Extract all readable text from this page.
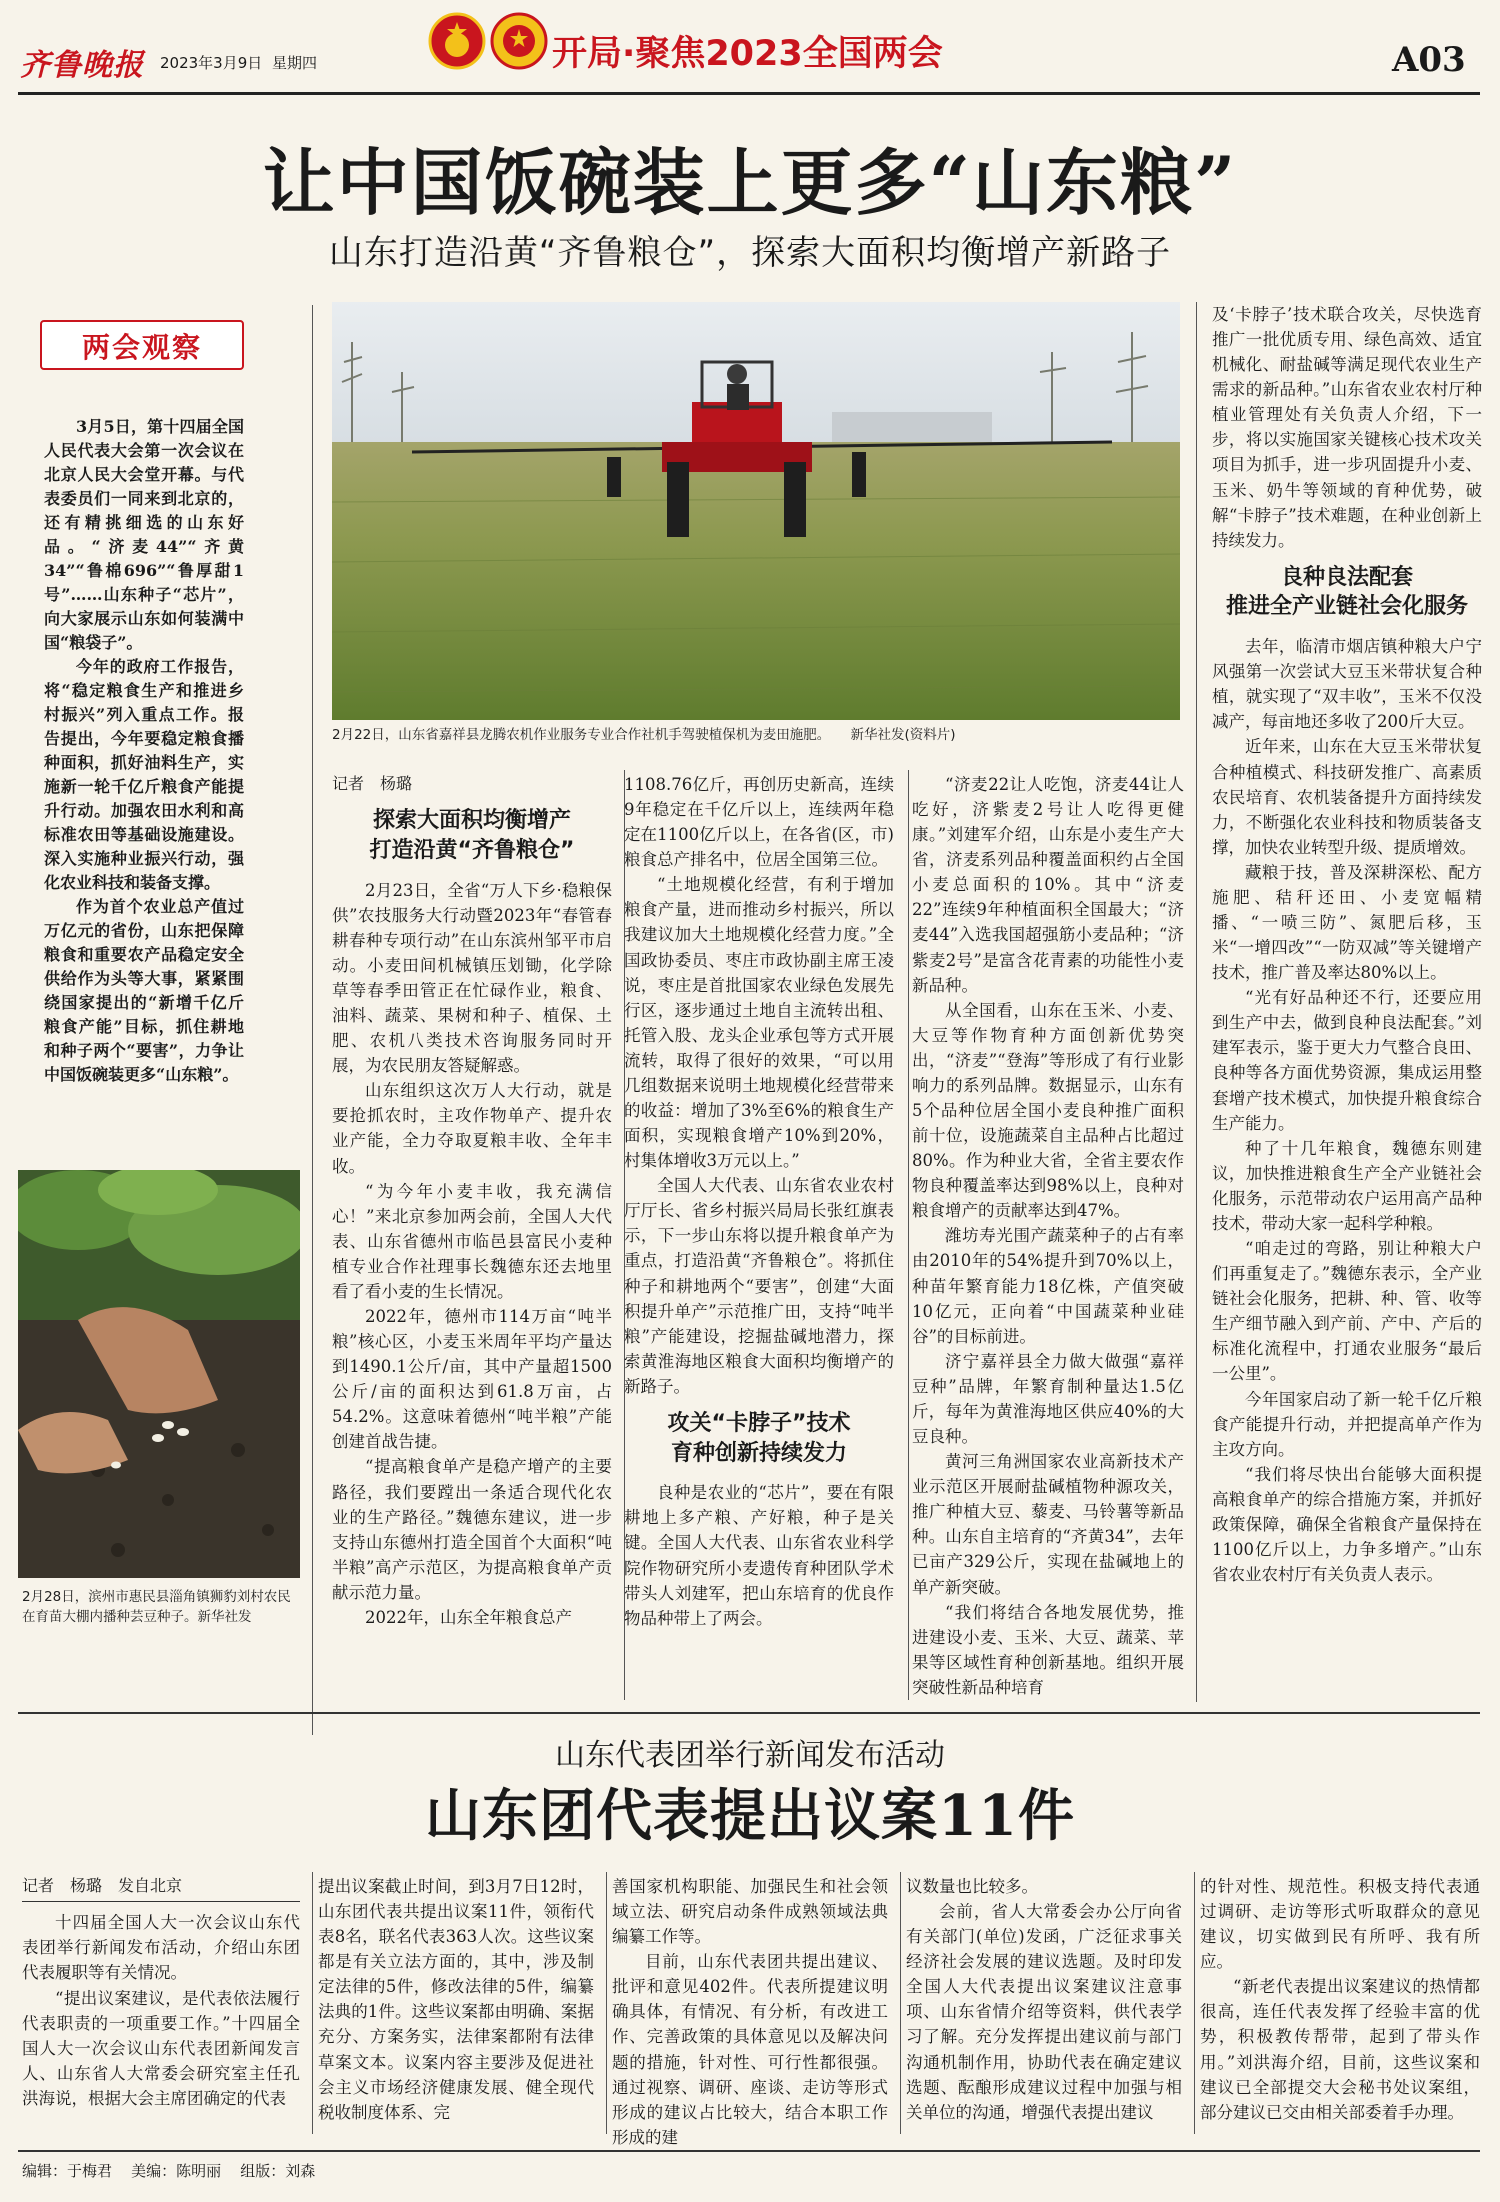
齐鲁晚报 2023年3月9日 星期四	开局·聚焦2023全国两会	A03
让中国饭碗装上更多“山东粮”
山东打造沿黄“齐鲁粮仓”，探索大面积均衡增产新路子
两会观察

3月5日，第十四届全国人民代表大会第一次会议在北京人民大会堂开幕。与代表委员们一同来到北京的，还有精挑细选的山东好品。“济麦44”“齐黄34”“鲁棉696”“鲁厚甜1号”……山东种子“芯片”，向大家展示山东如何装满中国“粮袋子”。

今年的政府工作报告，将“稳定粮食生产和推进乡村振兴”列入重点工作。报告提出，今年要稳定粮食播种面积，抓好油料生产，实施新一轮千亿斤粮食产能提升行动。加强农田水利和高标准农田等基础设施建设。深入实施种业振兴行动，强化农业科技和装备支撑。

作为首个农业总产值过万亿元的省份，山东把保障粮食和重要农产品稳定安全供给作为头等大事，紧紧围绕国家提出的“新增千亿斤粮食产能”目标，抓住耕地和种子两个“要害”，力争让中国饭碗装更多“山东粮”。

2月28日，滨州市惠民县淄角镇狮豹刘村农民在育苗大棚内播种芸豆种子。新华社发
2月22日，山东省嘉祥县龙腾农机作业服务专业合作社机手驾驶植保机为麦田施肥。　　新华社发(资料片)
记者　杨璐
探索大面积均衡增产
打造沿黄“齐鲁粮仓”

2月23日，全省“万人下乡·稳粮保供”农技服务大行动暨2023年“春管春耕春种专项行动”在山东滨州邹平市启动。小麦田间机械镇压划锄，化学除草等春季田管正在忙碌作业，粮食、油料、蔬菜、果树和种子、植保、土肥、农机八类技术咨询服务同时开展，为农民朋友答疑解惑。

山东组织这次万人大行动，就是要抢抓农时，主攻作物单产、提升农业产能，全力夺取夏粮丰收、全年丰收。

“为今年小麦丰收，我充满信心！”来北京参加两会前，全国人大代表、山东省德州市临邑县富民小麦种植专业合作社理事长魏德东还去地里看了看小麦的生长情况。

2022年，德州市114万亩“吨半粮”核心区，小麦玉米周年平均产量达到1490.1公斤/亩，其中产量超1500公斤/亩的面积达到61.8万亩，占54.2%。这意味着德州“吨半粮”产能创建首战告捷。

“提高粮食单产是稳产增产的主要路径，我们要蹚出一条适合现代化农业的生产路径。”魏德东建议，进一步支持山东德州打造全国首个大面积“吨半粮”高产示范区，为提高粮食单产贡献示范力量。

2022年，山东全年粮食总产

1108.76亿斤，再创历史新高，连续9年稳定在千亿斤以上，连续两年稳定在1100亿斤以上，在各省(区，市)粮食总产排名中，位居全国第三位。

“土地规模化经营，有利于增加粮食产量，进而推动乡村振兴，所以我建议加大土地规模化经营力度。”全国政协委员、枣庄市政协副主席王凌说，枣庄是首批国家农业绿色发展先行区，逐步通过土地自主流转出租、托管入股、龙头企业承包等方式开展流转，取得了很好的效果，“可以用几组数据来说明土地规模化经营带来的收益：增加了3%至6%的粮食生产面积，实现粮食增产10%到20%，村集体增收3万元以上。”

全国人大代表、山东省农业农村厅厅长、省乡村振兴局局长张红旗表示，下一步山东将以提升粮食单产为重点，打造沿黄“齐鲁粮仓”。将抓住种子和耕地两个“要害”，创建“大面积提升单产”示范推广田，支持“吨半粮”产能建设，挖掘盐碱地潜力，探索黄淮海地区粮食大面积均衡增产的新路子。

攻关“卡脖子”技术
育种创新持续发力

良种是农业的“芯片”，要在有限耕地上多产粮、产好粮，种子是关键。全国人大代表、山东省农业科学院作物研究所小麦遗传育种团队学术带头人刘建军，把山东培育的优良作物品种带上了两会。

“济麦22让人吃饱，济麦44让人吃好，济紫麦2号让人吃得更健康。”刘建军介绍，山东是小麦生产大省，济麦系列品种覆盖面积约占全国小麦总面积的10%。其中“济麦22”连续9年种植面积全国最大；“济麦44”入选我国超强筋小麦品种；“济紫麦2号”是富含花青素的功能性小麦新品种。

从全国看，山东在玉米、小麦、大豆等作物育种方面创新优势突出，“济麦”“登海”等形成了有行业影响力的系列品牌。数据显示，山东有5个品种位居全国小麦良种推广面积前十位，设施蔬菜自主品种占比超过80%。作为种业大省，全省主要农作物良种覆盖率达到98%以上，良种对粮食增产的贡献率达到47%。

潍坊寿光围产蔬菜种子的占有率由2010年的54%提升到70%以上，种苗年繁育能力18亿株，产值突破10亿元，正向着“中国蔬菜种业硅谷”的目标前进。

济宁嘉祥县全力做大做强“嘉祥豆种”品牌，年繁育制种量达1.5亿斤，每年为黄淮海地区供应40%的大豆良种。

黄河三角洲国家农业高新技术产业示范区开展耐盐碱植物种源攻关，推广种植大豆、藜麦、马铃薯等新品种。山东自主培育的“齐黄34”，去年已亩产329公斤，实现在盐碱地上的单产新突破。

“我们将结合各地发展优势，推进建设小麦、玉米、大豆、蔬菜、苹果等区域性育种创新基地。组织开展突破性新品种培育

及‘卡脖子’技术联合攻关，尽快选育推广一批优质专用、绿色高效、适宜机械化、耐盐碱等满足现代农业生产需求的新品种。”山东省农业农村厅种植业管理处有关负责人介绍，下一步，将以实施国家关键核心技术攻关项目为抓手，进一步巩固提升小麦、玉米、奶牛等领域的育种优势，破解“卡脖子”技术难题，在种业创新上持续发力。

良种良法配套
推进全产业链社会化服务

去年，临清市烟店镇种粮大户宁风强第一次尝试大豆玉米带状复合种植，就实现了“双丰收”，玉米不仅没减产，每亩地还多收了200斤大豆。

近年来，山东在大豆玉米带状复合种植模式、科技研发推广、高素质农民培育、农机装备提升方面持续发力，不断强化农业科技和物质装备支撑，加快农业转型升级、提质增效。

藏粮于技，普及深耕深松、配方施肥、秸秆还田、小麦宽幅精播、“一喷三防”、氮肥后移，玉米“一增四改”“一防双减”等关键增产技术，推广普及率达80%以上。

“光有好品种还不行，还要应用到生产中去，做到良种良法配套。”刘建军表示，鉴于更大力气整合良田、良种等各方面优势资源，集成运用整套增产技术模式，加快提升粮食综合生产能力。

种了十几年粮食，魏德东则建议，加快推进粮食生产全产业链社会化服务，示范带动农户运用高产品种技术，带动大家一起科学种粮。

“咱走过的弯路，别让种粮大户们再重复走了。”魏德东表示，全产业链社会化服务，把耕、种、管、收等生产细节融入到产前、产中、产后的标准化流程中，打通农业服务“最后一公里”。

今年国家启动了新一轮千亿斤粮食产能提升行动，并把提高单产作为主攻方向。

“我们将尽快出台能够大面积提高粮食单产的综合措施方案，并抓好政策保障，确保全省粮食产量保持在1100亿斤以上，力争多增产。”山东省农业农村厅有关负责人表示。

山东代表团举行新闻发布活动
山东团代表提出议案11件
记者　杨璐　发自北京

十四届全国人大一次会议山东代表团举行新闻发布活动，介绍山东团代表履职等有关情况。

“提出议案建议，是代表依法履行代表职责的一项重要工作。”十四届全国人大一次会议山东代表团新闻发言人、山东省人大常委会研究室主任孔洪海说，根据大会主席团确定的代表

提出议案截止时间，到3月7日12时，山东团代表共提出议案11件，领衔代表8名，联名代表363人次。这些议案都是有关立法方面的，其中，涉及制定法律的5件，修改法律的5件，编纂法典的1件。这些议案都由明确、案据充分、方案务实，法律案都附有法律草案文本。议案内容主要涉及促进社会主义市场经济健康发展、健全现代税收制度体系、完

善国家机构职能、加强民生和社会领域立法、研究启动条件成熟领域法典编纂工作等。

目前，山东代表团共提出建议、批评和意见402件。代表所提建议明确具体，有情况、有分析，有改进工作、完善政策的具体意见以及解决问题的措施，针对性、可行性都很强。通过视察、调研、座谈、走访等形式形成的建议占比较大，结合本职工作形成的建

议数量也比较多。

会前，省人大常委会办公厅向省有关部门(单位)发函，广泛征求事关经济社会发展的建议选题。及时印发全国人大代表提出议案建议注意事项、山东省情介绍等资料，供代表学习了解。充分发挥提出建议前与部门沟通机制作用，协助代表在确定建议选题、酝酿形成建议过程中加强与相关单位的沟通，增强代表提出建议

的针对性、规范性。积极支持代表通过调研、走访等形式听取群众的意见建议，切实做到民有所呼、我有所应。

“新老代表提出议案建议的热情都很高，连任代表发挥了经验丰富的优势，积极教传帮带，起到了带头作用。”刘洪海介绍，目前，这些议案和建议已全部提交大会秘书处议案组，部分建议已交由相关部委着手办理。

编辑：于梅君 美编：陈明丽 组版：刘森
